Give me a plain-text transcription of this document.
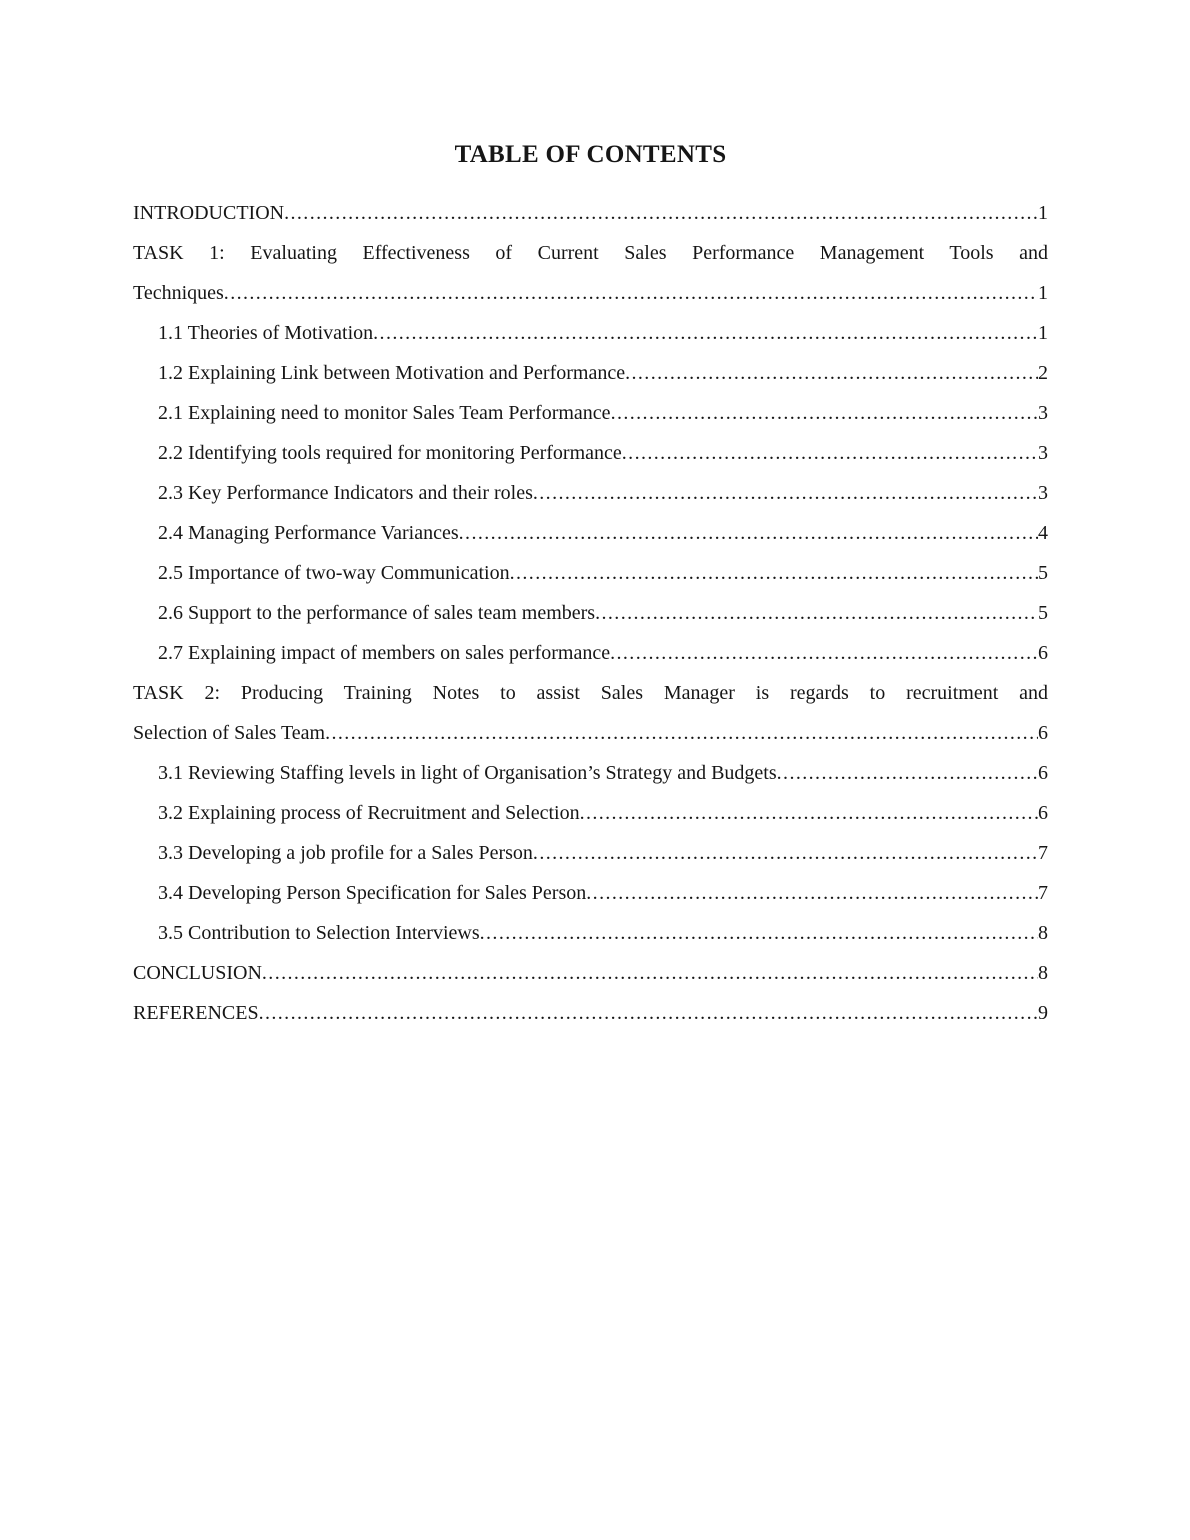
TABLE OF CONTENTS
INTRODUCTION .....	1
TASK 1: Evaluating Effectiveness of Current Sales Performance Management Tools and
Techniques .....	1
1.1 Theories of Motivation .....	1
1.2 Explaining Link between Motivation and Performance .....	2
2.1 Explaining need to monitor Sales Team Performance .....	3
2.2 Identifying tools required for monitoring Performance .....	3
2.3 Key Performance Indicators and their roles .....	3
2.4 Managing Performance Variances .....	4
2.5 Importance of two-way Communication .....	5
2.6 Support to the performance of sales team members .....	5
2.7 Explaining impact of members on sales performance .....	6
TASK 2: Producing Training Notes to assist Sales Manager is regards to recruitment and
Selection of Sales Team .....	6
3.1 Reviewing Staffing levels in light of Organisation’s Strategy and Budgets .....	6
3.2 Explaining process of Recruitment and Selection .....	6
3.3 Developing a job profile for a Sales Person .....	7
3.4 Developing Person Specification for Sales Person .....	7
3.5 Contribution to Selection Interviews .....	8
CONCLUSION .....	8
REFERENCES .....	9
